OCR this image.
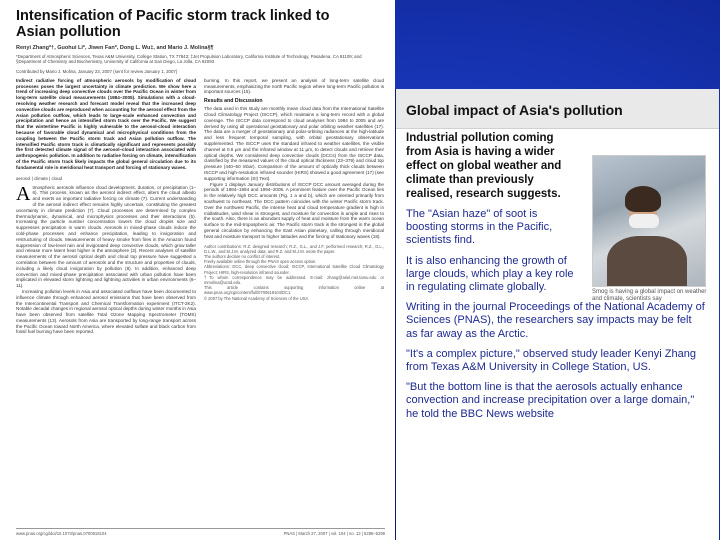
Intensification of Pacific storm track linked to Asian pollution
Renyi Zhang*†, Guohui Li*, Jiwen Fan*, Dong L. Wu‡, and Mario J. Molina§¶
*Department of Atmospheric Sciences, Texas A&M University, College Station, TX 77843; ‡Jet Propulsion Laboratory, California Institute of Technology, Pasadena, CA 91109; and §Department of Chemistry and Biochemistry, University of California at San Diego, La Jolla, CA 92093
Contributed by Mario J. Molina, January 23, 2007 (sent for review January 1, 2007)

Indirect radiative forcing of atmospheric aerosols by modification of cloud processes poses the largest uncertainty in climate prediction. We show here a trend of increasing deep convective clouds over the Pacific Ocean in winter from long-term satellite cloud measurements (1984–2005). Simulations with a cloud-resolving weather research and forecast model reveal that the increased deep convective clouds are reproduced when accounting for the aerosol effect from the Asian pollution outflow, which leads to large-scale enhanced convection and precipitation and hence an intensified storm track over the Pacific. We suggest that the wintertime Pacific is highly vulnerable to the aerosol-cloud interaction because of favorable cloud dynamical and microphysical conditions from the coupling between the Pacific storm track and Asian pollution outflow. The intensified Pacific storm track is climatically significant and represents possibly the first detected climate signal of the aerosol–cloud interaction associated with anthropogenic pollution. In addition to radiative forcing on climate, intensification of the Pacific storm track likely impacts the global general circulation due to its fundamental role in meridional heat transport and forcing of stationary waves.

aerosol | climate | cloud
A tmospheric aerosols influence cloud development, duration, or precipitation (1–6). This process, known as the aerosol indirect effect, alters the cloud albedo and exerts an important radiative forcing on climate (7). Current understanding of the aerosol indirect effect remains highly uncertain, constituting the greatest uncertainty in climate prediction (7). Cloud processes are determined by complex thermodynamic, dynamical, and microphysics processes and their interactions (5). Increasing the particle number concentration lowers the cloud droplet size and suppresses precipitation in warm clouds. Aerosols in mixed-phase clouds induce the cold-phase processes and enhance precipitation, leading to invigoration and restructuring of clouds. Measurements of heavy smoke from fires in the Amazon found suppression of low-level rain and invigorated deep convective clouds, which grow taller and release more latent heat higher in the atmosphere (3). Recent analyses of satellite measurements of the aerosol optical depth and cloud top pressure have suggested a correlation between the amount of aerosols and the structure and properties of clouds, including a likely cloud invigoration by pollution (8). In addition, enhanced deep convection and mixed-phase precipitation associated with urban pollution have been implicated in elevated storm lightning and lightning activities in urban environments (6–11).

Increasing pollution levels in Asia and associated outflows have been documented to influence climate through enhanced aerosol emissions that have been observed from the Intercontinental Transport and Chemical Transformation experiment (ITCT-2K2). Notable decadal changes in regional aerosol optical depths during winter months in Asia have been observed from satellite Total Ozone Mapping Spectrometer (TOMS) measurements (13). Aerosols from Asia are transported by long-range transport across the Pacific Ocean toward North America, where elevated sulfate and black carbon from fossil fuel burning have been reported.

burning. In this report, we present an analysis of long-term satellite cloud measurements, emphasizing the north Pacific region where long-term Pacific pollution is important sources (15).

Results and Discussion

The data used in this study are monthly mean cloud data from the International Satellite Cloud Climatology Project (ISCCP), which maintains a long-term record with a global coverage. The ISCCP data correspond to cloud analyses from 1984 to 2005 and are derived by using all operational geostationary and polar orbiting weather satellites (17). The data are a merger of geostationary and polar-orbiting radiances at the high-latitude and less frequent temporal sampling, with orbital geostationary observations supplemented. The ISCCP uses the standard infrared to weather satellites, the visible channel at 0.6 µm and the infrared window at 11 µm, to detect clouds and retrieve their optical depths. We considered deep convective clouds (DCCs) from the ISCCP data, classified by the measured values of the cloud optical thickness (23–379) and cloud top pressure (440–50 mbar). Comparison of the amount of optically thick clouds between ISCCP and high-resolution infrared sounder (HIRS) showed a good agreement (17) (see supporting information (SI) Text).

Figure 1 displays January distributions of ISCCP DCC amount averaged during the periods of 1984–1994 and 1994–2005. A prominent feature over the Pacific Ocean lies in the relatively high DCC amounts (Fig. 1 a and b), which are oriented primarily from southwest to northeast. The DCC pattern coincides with the winter Pacific storm track. Over the northwest Pacific, the intense heat and cloud temperature gradient is high in midlatitudes, wind shear is strongest, and moisture for convection is ample and rises to the south. Also, there is an abundant supply of heat and moisture from the warm ocean surface to the mid-tropospheric air. The Pacific storm track is the strongest in the global general circulation by enhancing the East Asian planetary, calling through meridional heat and moisture transport to higher latitudes and the forcing of stationary waves (18).

Author contributions: R.Z. designed research; R.Z., G.L., and J.F. performed research; R.Z., G.L., D.L.W., and M.J.M. analyzed data; and R.Z. and M.J.M. wrote the paper.

The authors declare no conflict of interest.

Freely available online through the PNAS open access option.

Abbreviations: DCC, deep convective cloud; ISCCP, International Satellite Cloud Climatology Project; HIRS, high-resolution infrared sounder.

†To whom correspondence may be addressed. E-mail: zhang@ariel.met.tamu.edu or mmolina@ucsd.edu.

This article contains supporting information online at www.pnas.org/cgi/content/full/0700618104/DC1.

© 2007 by The National Academy of Sciences of the USA

www.pnas.org/cgi/doi/10.1073/pnas.0700618104	PNAS | March 27, 2007 | vol. 104 | no. 13 | 5295–5299
Global impact of Asia's pollution
Industrial pollution coming from Asia is having a wider effect on global weather and climate than previously realised, research suggests.
The "Asian haze" of soot is boosting storms in the Pacific, scientists find.
It is also enhancing the growth of large clouds, which play a key role in regulating climate globally.
Writing in the journal Proceedings of the National Academy of Sciences (PNAS), the researchers say impacts may be felt as far away as the Arctic.
"It's a complex picture," observed study leader Kenyi Zhang from Texas A&M University in College Station, US.
"But the bottom line is that the aerosols actually enhance convection and increase precipitation over a large domain," he told the BBC News website
Smog is having a global impact on weather and climate, scientists say
